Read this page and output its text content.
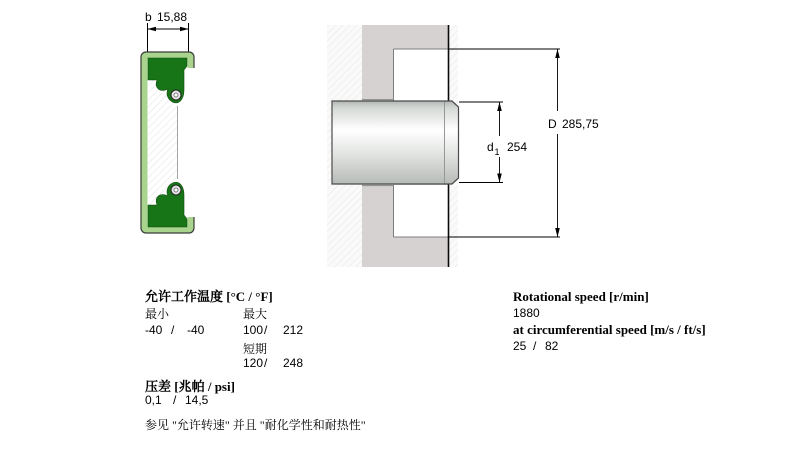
b 15,88
d 1 254
D 285,75
允许工作温度 [°C / °F]
最小	最大
-40 / -40	100 / 212
短期
120 / 248
压差 [兆帕 / psi]
0,1 / 14,5
参见 "允许转速" 并且 "耐化学性和耐热性"
Rotational speed [r/min]
1880
at circumferential speed [m/s / ft/s]
25 / 82
